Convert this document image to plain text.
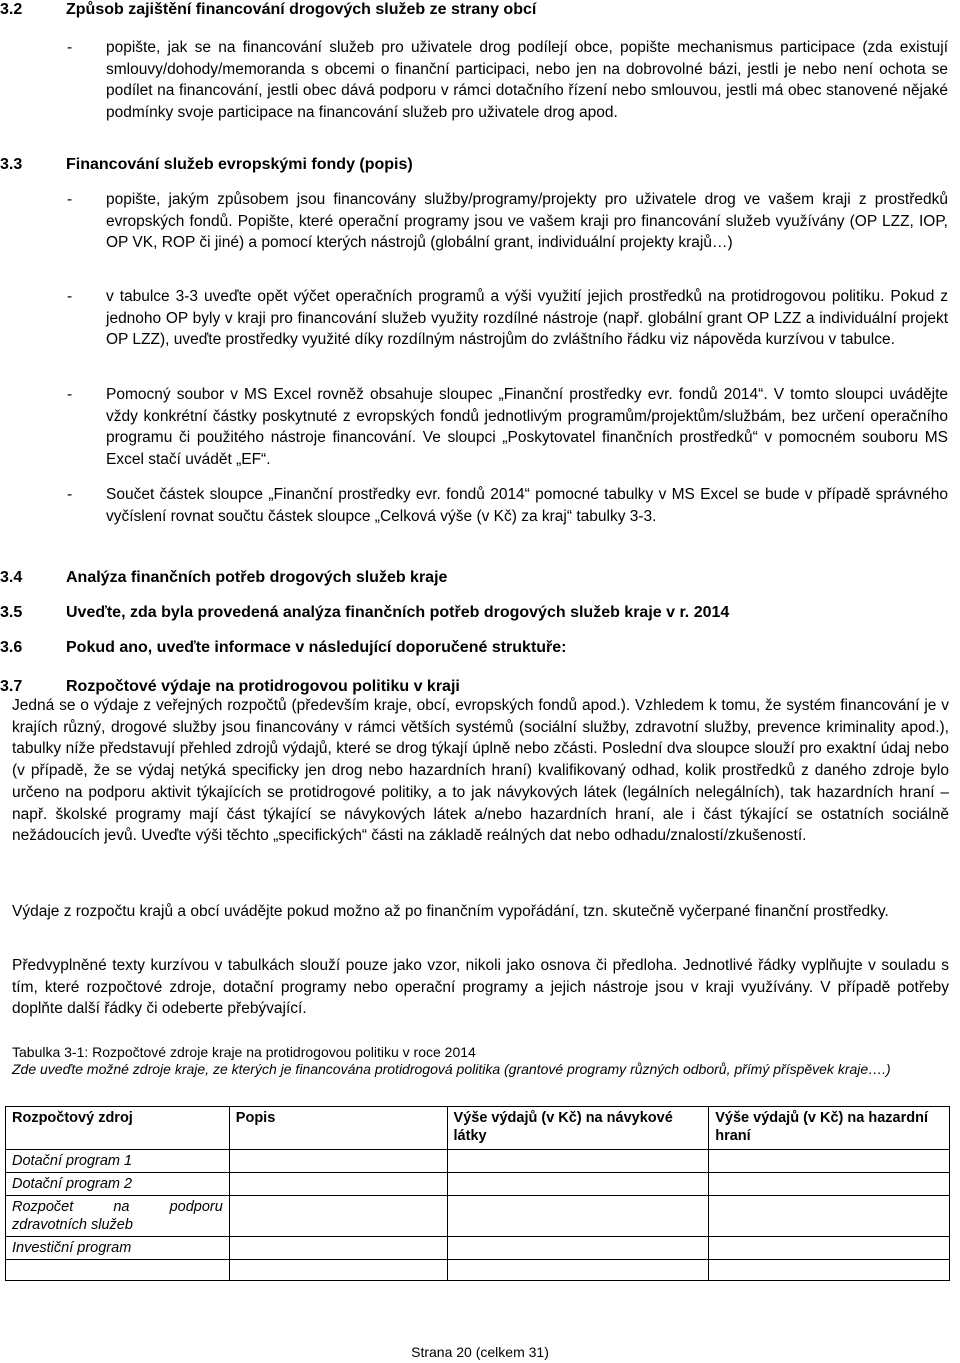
3.2	Způsob zajištění financování drogových služeb ze strany obcí
- popište, jak se na financování služeb pro uživatele drog podílejí obce, popište mechanismus participace (zda existují smlouvy/dohody/memoranda s obcemi o finanční participaci, nebo jen na dobrovolné bázi, jestli je nebo není ochota se podílet na financování, jestli obec dává podporu v rámci dotačního řízení nebo smlouvou, jestli má obec stanovené nějaké podmínky svoje participace na financování služeb pro uživatele drog apod.
3.3	Financování služeb evropskými fondy (popis)
- popište, jakým způsobem jsou financovány služby/programy/projekty pro uživatele drog ve vašem kraji z prostředků evropských fondů. Popište, které operační programy jsou ve vašem kraji pro financování služeb využívány (OP LZZ, IOP, OP VK, ROP či jiné) a pomocí kterých nástrojů (globální grant, individuální projekty krajů…)
- v tabulce 3-3 uveďte opět výčet operačních programů a výši využití jejich prostředků na protidrogovou politiku. Pokud z jednoho OP byly v kraji pro financování služeb využity rozdílné nástroje (např. globální grant OP LZZ a individuální projekt OP LZZ), uveďte prostředky využité díky rozdílným nástrojům do zvláštního řádku viz nápověda kurzívou v tabulce.
- Pomocný soubor v MS Excel rovněž obsahuje sloupec „Finanční prostředky evr. fondů 2014“. V tomto sloupci uvádějte vždy konkrétní částky poskytnuté z evropských fondů jednotlivým programům/projektům/službám, bez určení operačního programu či použitého nástroje financování. Ve sloupci „Poskytovatel finančních prostředků“ v pomocném souboru MS Excel stačí uvádět „EF“.
- Součet částek sloupce „Finanční prostředky evr. fondů 2014“ pomocné tabulky v MS Excel se bude v případě správného vyčíslení rovnat součtu částek sloupce „Celková výše (v Kč) za kraj“ tabulky 3-3.
3.4	Analýza finančních potřeb drogových služeb kraje
3.5	Uveďte, zda byla provedená analýza finančních potřeb drogových služeb kraje v r. 2014
3.6	Pokud ano, uveďte informace v následující doporučené struktuře:
3.7	Rozpočtové výdaje na protidrogovou politiku v kraji
Jedná se o výdaje z veřejných rozpočtů (především kraje, obcí, evropských fondů apod.). Vzhledem k tomu, že systém financování je v krajích různý, drogové služby jsou financovány v rámci větších systémů (sociální služby, zdravotní služby, prevence kriminality apod.), tabulky níže představují přehled zdrojů výdajů, které se drog týkají úplně nebo zčásti. Poslední dva sloupce slouží pro exaktní údaj nebo (v případě, že se výdaj netýká specificky jen drog nebo hazardních hraní) kvalifikovaný odhad, kolik prostředků z daného zdroje bylo určeno na podporu aktivit týkajících se protidrogové politiky, a to jak návykových látek (legálních nelegálních), tak hazardních hraní – např. školské programy mají část týkající se návykových látek a/nebo hazardních hraní, ale i část týkající se ostatních sociálně nežádoucích jevů. Uveďte výši těchto „specifických“ části na základě reálných dat nebo odhadu/znalostí/zkušeností.
Výdaje z rozpočtu krajů a obcí uvádějte pokud možno až po finančním vypořádání, tzn. skutečně vyčerpané finanční prostředky.
Předvyplněné texty kurzívou v tabulkách slouží pouze jako vzor, nikoli jako osnova či předloha. Jednotlivé řádky vyplňujte v souladu s tím, které rozpočtové zdroje, dotační programy nebo operační programy a jejich nástroje jsou v kraji využívány. V případě potřeby doplňte další řádky či odeberte přebývající.
Tabulka 3-1: Rozpočtové zdroje kraje na protidrogovou politiku v roce 2014
Zde uveďte možné zdroje kraje, ze kterých je financována protidrogová politika (grantové programy různých odborů, přímý příspěvek kraje….)
Rozpočtový zdroj	Popis	Výše výdajů (v Kč) na návykové látky	Výše výdajů (v Kč) na hazardní hraní
Dotační program 1			
Dotační program 2			
Rozpočet na podporu zdravotních služeb			
Investiční program			

Strana 20 (celkem 31)
